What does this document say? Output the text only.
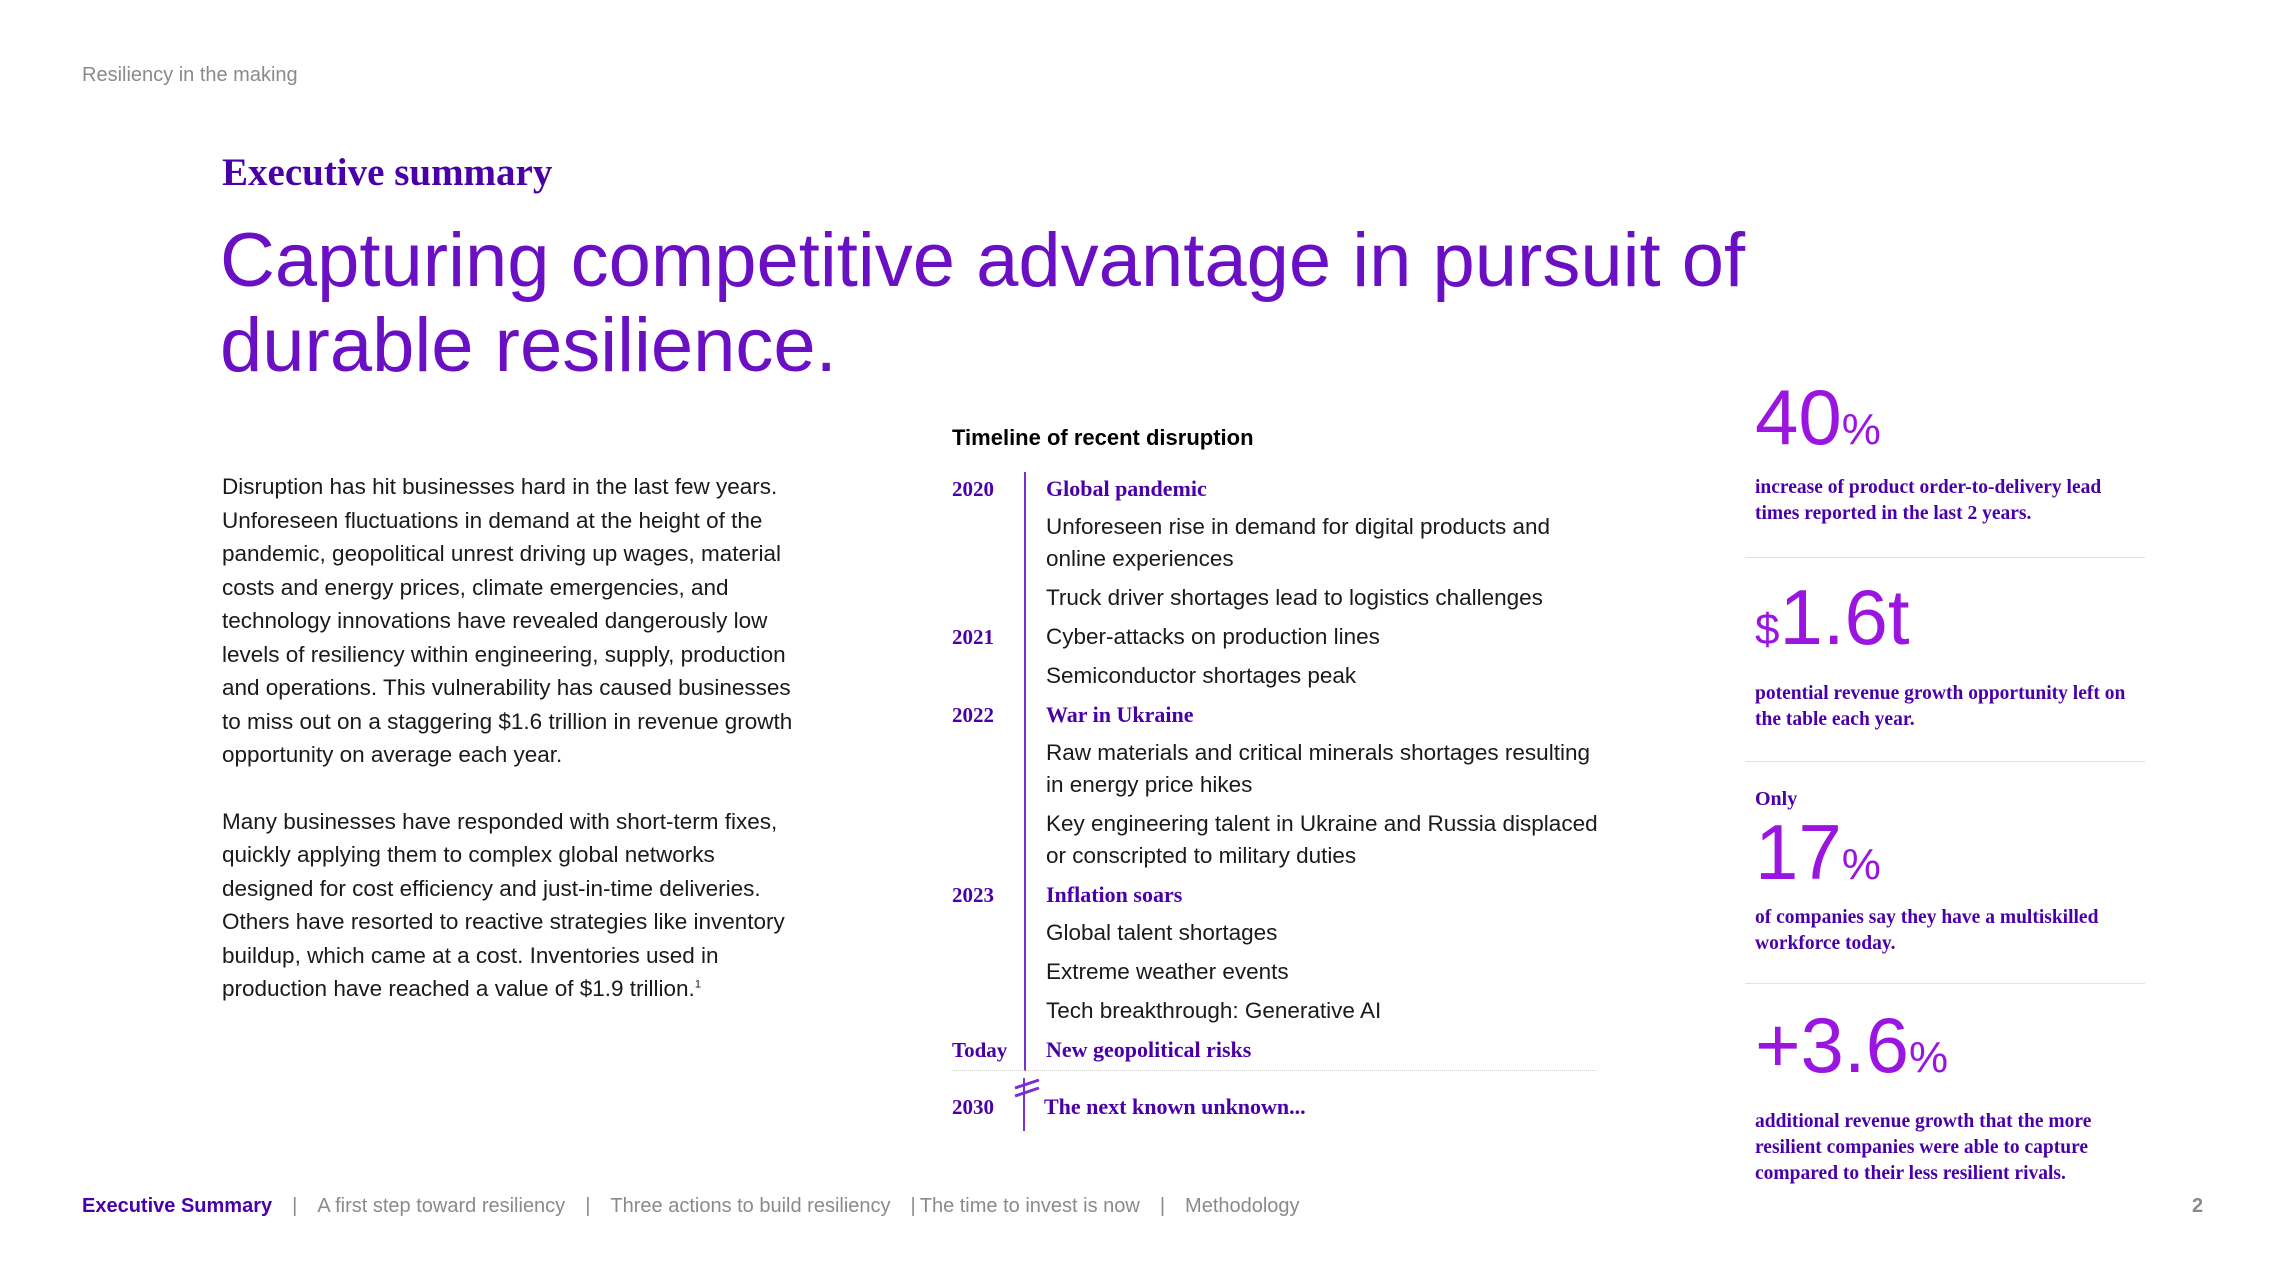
Resiliency in the making
Executive summary
Capturing competitive advantage in pursuit of durable resilience.

Disruption has hit businesses hard in the last few years. Unforeseen fluctuations in demand at the height of the pandemic, geopolitical unrest driving up wages, material costs and energy prices, climate emergencies, and technology innovations have revealed dangerously low levels of resiliency within engineering, supply, production and operations. This vulnerability has caused businesses to miss out on a staggering $1.6 trillion in revenue growth opportunity on average each year.

Many businesses have responded with short-term fixes, quickly applying them to complex global networks designed for cost efficiency and just-in-time deliveries. Others have resorted to reactive strategies like inventory buildup, which came at a cost. Inventories used in production have reached a value of $1.9 trillion.$^1$

Timeline of recent disruption
2020	Global pandemic
Unforeseen rise in demand for digital products and online experiences
Truck driver shortages lead to logistics challenges
2021	Cyber-attacks on production lines
Semiconductor shortages peak
2022	War in Ukraine
Raw materials and critical minerals shortages resulting in energy price hikes
Key engineering talent in Ukraine and Russia displaced or conscripted to military duties
2023	Inflation soars
Global talent shortages
Extreme weather events
Tech breakthrough: Generative AI
Today	New geopolitical risks
2030	The next known unknown...
40%
increase of product order-to-delivery lead times reported in the last 2 years.
$1.6t
potential revenue growth opportunity left on the table each year.
Only
17%
of companies say they have a multiskilled workforce today.
+3.6%
additional revenue growth that the more resilient companies were able to capture compared to their less resilient rivals.
Executive Summary	|	A first step toward resiliency	|	Three actions to build resiliency	| The time to invest is now	|	Methodology	2
